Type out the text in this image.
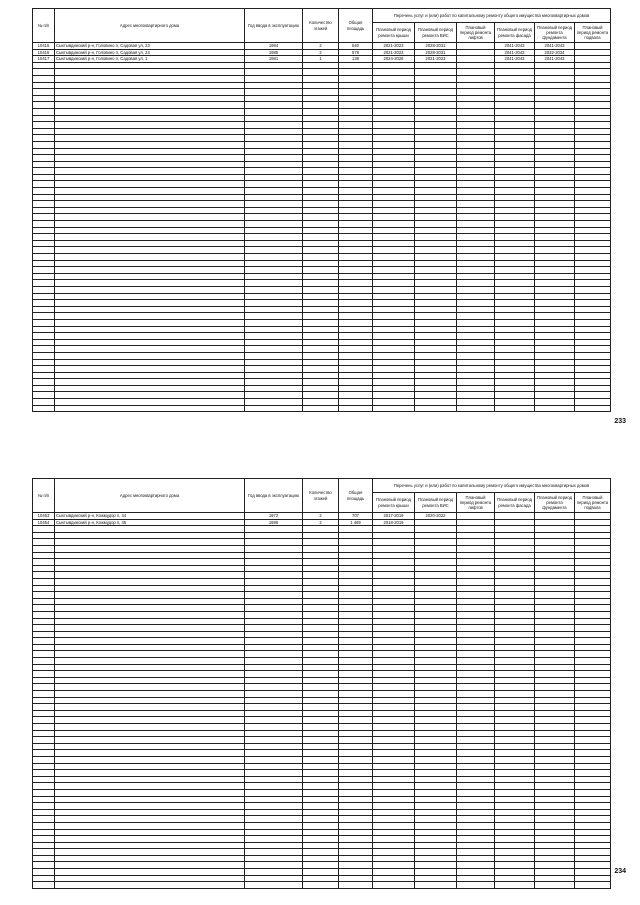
№ п/п	Адрес многоквартирного дома	Год ввода в эксплуатацию	Количество этажей	Общая площадь	Перечень услуг и (или) работ по капитальному ремонту общего имущества многоквартирных домов					
					Плановый период ремонта крыши	Плановый период ремонта ВИС	Плановый период ремонта лифтов	Плановый период ремонта фасада	Плановый период ремонта фундамента	Плановый период ремонта подвала
10415	Сыктывдинский р-н, Головино п, Садовая ул, 23	1984	2	540	2021-2023	2028-2031		2041-2043	2041-2043	
10416	Сыктывдинский р-н, Головино п, Садовая ул, 24	1985	2	578	2021-2023	2028-2031		2041-2043	2032-2034	
10417	Сыктывдинский р-н, Головино п, Садовая ул, 1	1981	1	138	2024-2026	2021-2023		2041-2043	2041-2043	

233
№ п/п	Адрес многоквартирного дома	Год ввода в эксплуатацию	Количество этажей	Общая площадь	Перечень услуг и (или) работ по капитальному ремонту общего имущества многоквартирных домов					
					Плановый период ремонта крыши	Плановый период ремонта ВИС	Плановый период ремонта лифтов	Плановый период ремонта фасада	Плановый период ремонта фундамента	Плановый период ремонта подвала
10453	Сыктывдинский р-н, Кожмудор п, 44	1972	2	707	2017-2019	2020-2022				
10454	Сыктывдинский р-н, Кожмудор п, 45	1986	2	1 469	2018-2019					

234
